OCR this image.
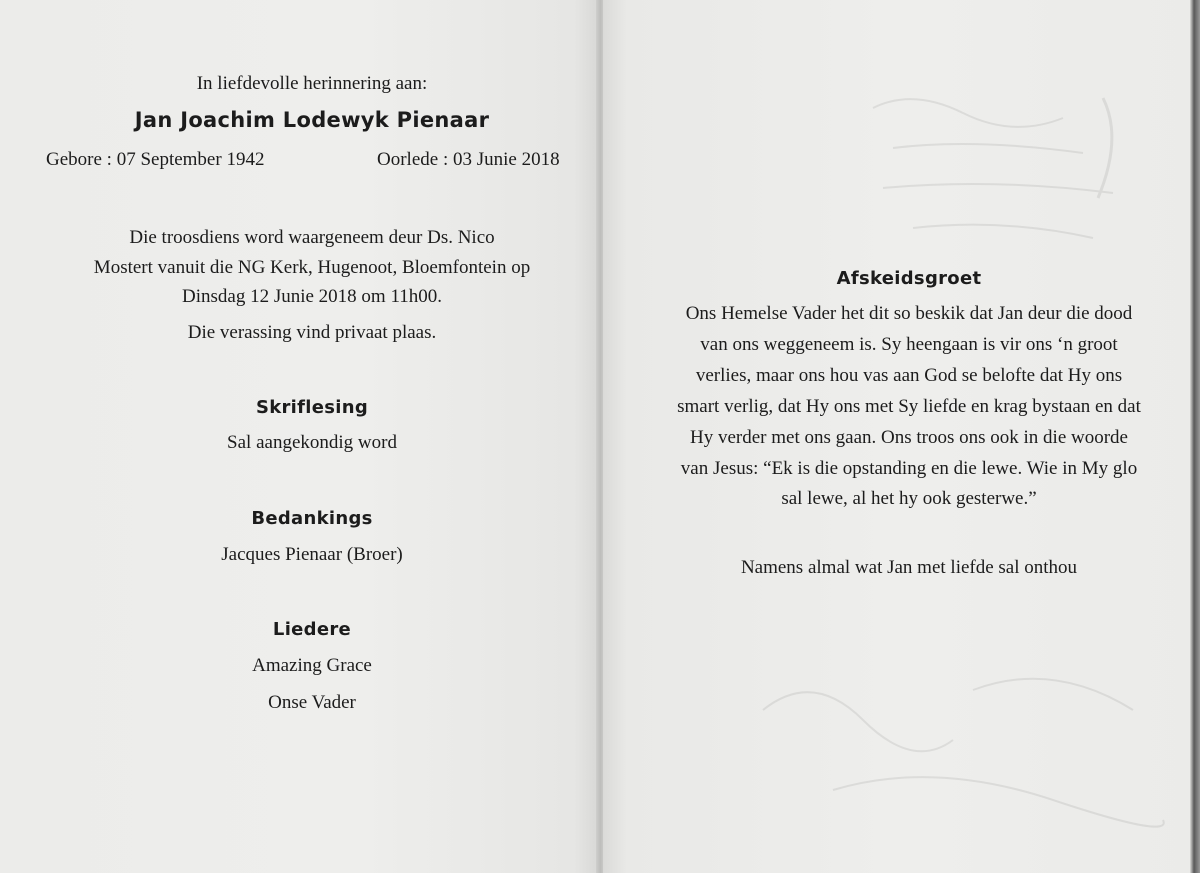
In liefdevolle herinnering aan:
Jan Joachim Lodewyk Pienaar
Gebore : 07 September 1942	Oorlede : 03 Junie 2018
Die troosdiens word waargeneem deur Ds. Nico
Mostert vanuit die NG Kerk, Hugenoot, Bloemfontein op
Dinsdag 12 Junie 2018 om 11h00.
Die verassing vind privaat plaas.
Skriflesing
Sal aangekondig word
Bedankings
Jacques Pienaar (Broer)
Liedere
Amazing Grace
Onse Vader
Afskeidsgroet
Ons Hemelse Vader het dit so beskik dat Jan deur die dood
van ons weggeneem is. Sy heengaan is vir ons ‘n groot
verlies, maar ons hou vas aan God se belofte dat Hy ons
smart verlig, dat Hy ons met Sy liefde en krag bystaan en dat
Hy verder met ons gaan. Ons troos ons ook in die woorde
van Jesus: “Ek is die opstanding en die lewe. Wie in My glo
sal lewe, al het hy ook gesterwe.”
Namens almal wat Jan met liefde sal onthou
